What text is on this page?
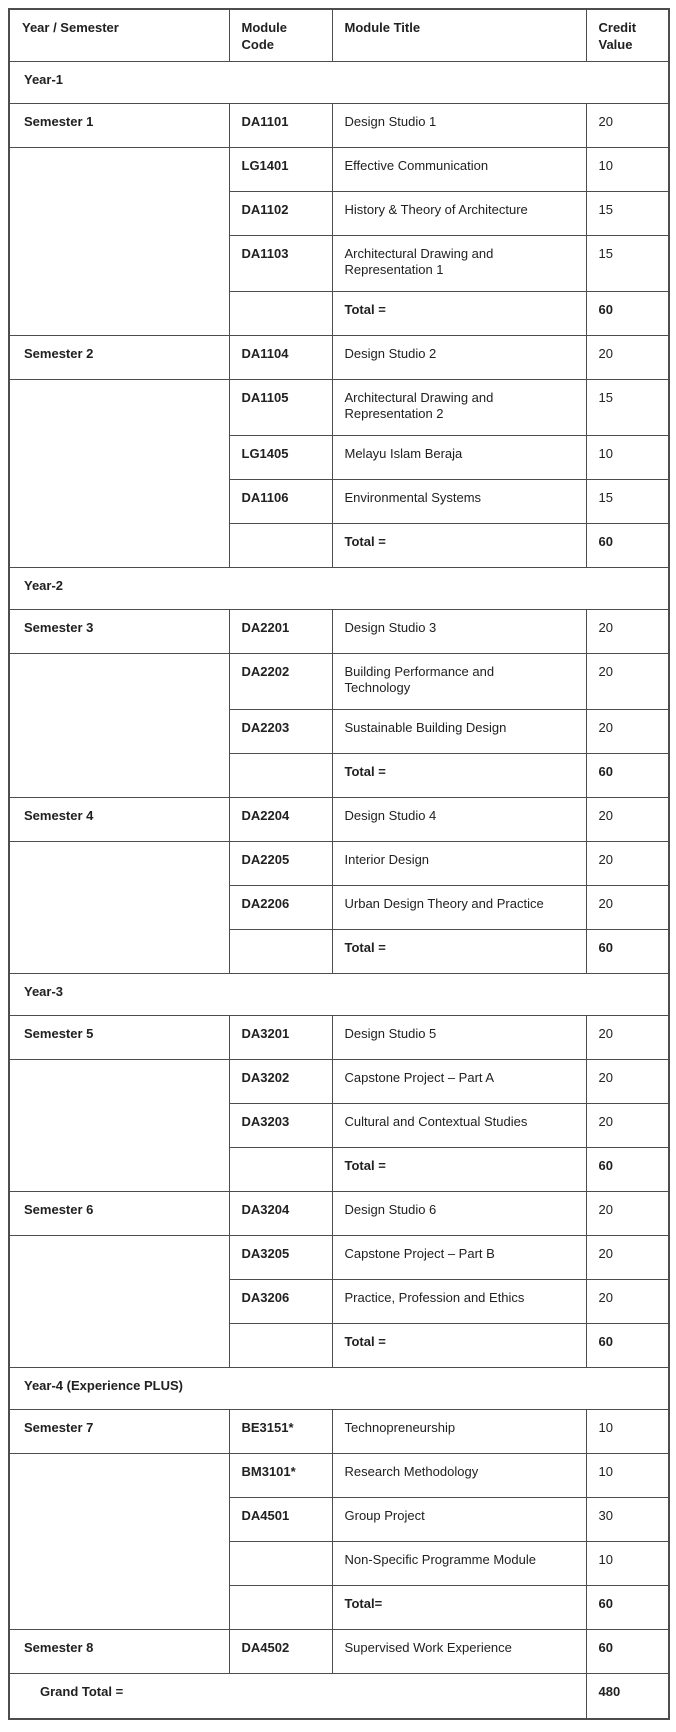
Year / Semester	Module Code	Module Title	Credit Value
Year-1			
Semester 1	DA1101	Design Studio 1	20
	LG1401	Effective Communication	10
	DA1102	History & Theory of Architecture	15
	DA1103	Architectural Drawing and Representation 1	15
		Total =	60
Semester 2	DA1104	Design Studio 2	20
	DA1105	Architectural Drawing and Representation 2	15
	LG1405	Melayu Islam Beraja	10
	DA1106	Environmental Systems	15
		Total =	60
Year-2			
Semester 3	DA2201	Design Studio 3	20
	DA2202	Building Performance and Technology	20
	DA2203	Sustainable Building Design	20
		Total =	60
Semester 4	DA2204	Design Studio 4	20
	DA2205	Interior Design	20
	DA2206	Urban Design Theory and Practice	20
		Total =	60
Year-3			
Semester 5	DA3201	Design Studio 5	20
	DA3202	Capstone Project – Part A	20
	DA3203	Cultural and Contextual Studies	20
		Total =	60
Semester 6	DA3204	Design Studio 6	20
	DA3205	Capstone Project – Part B	20
	DA3206	Practice, Profession and Ethics	20
		Total =	60
Year-4 (Experience PLUS)			
Semester 7	BE3151*	Technopreneurship	10
	BM3101*	Research Methodology	10
	DA4501	Group Project	30
		Non-Specific Programme Module	10
		Total=	60
Semester 8	DA4502	Supervised Work Experience	60
Grand Total =			480
